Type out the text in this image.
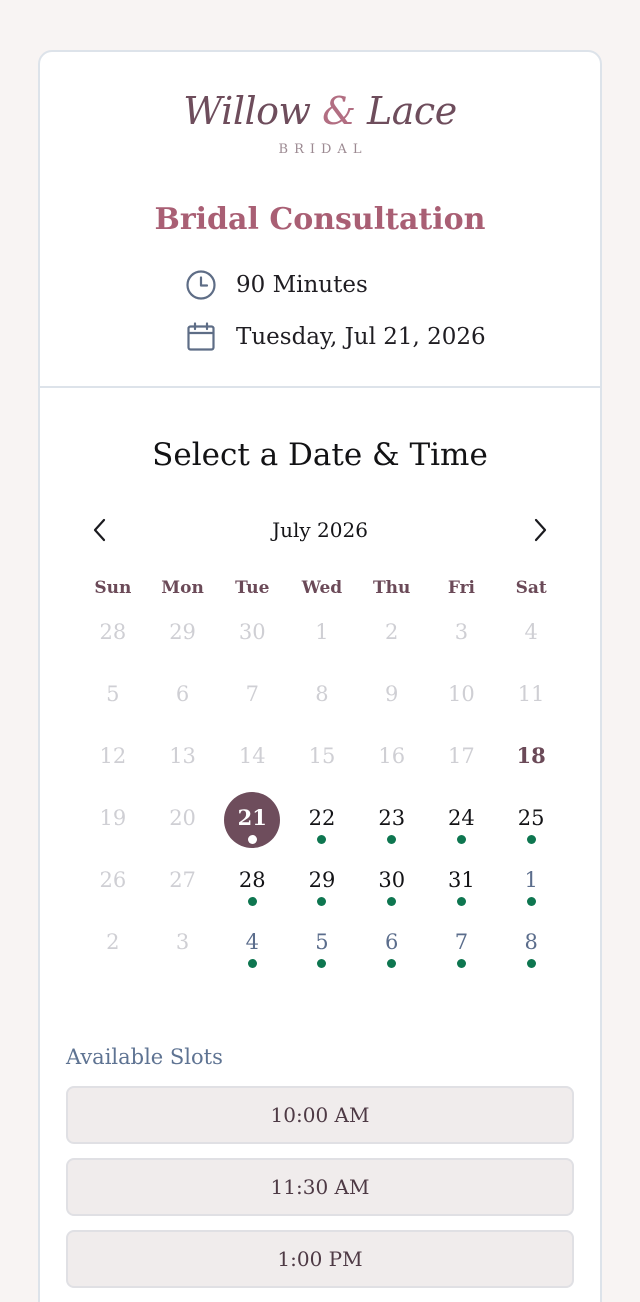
Willow & Lace
BRIDAL
Bridal Consultation
90 Minutes
Tuesday, Jul 21, 2026
Select a Date & Time
July 2026
Sun	Mon	Tue	Wed	Thu	Fri	Sat
28 29 30 1	2	3	4
5	6	7	8	9 10 11
12 13 14 15 16 17 18
19 20 21 22 23 24 25
26 27 28 29 30 31 1
2	3	4	5	6	7	8
Available Slots
10:00 AM
11:30 AM
1:00 PM
